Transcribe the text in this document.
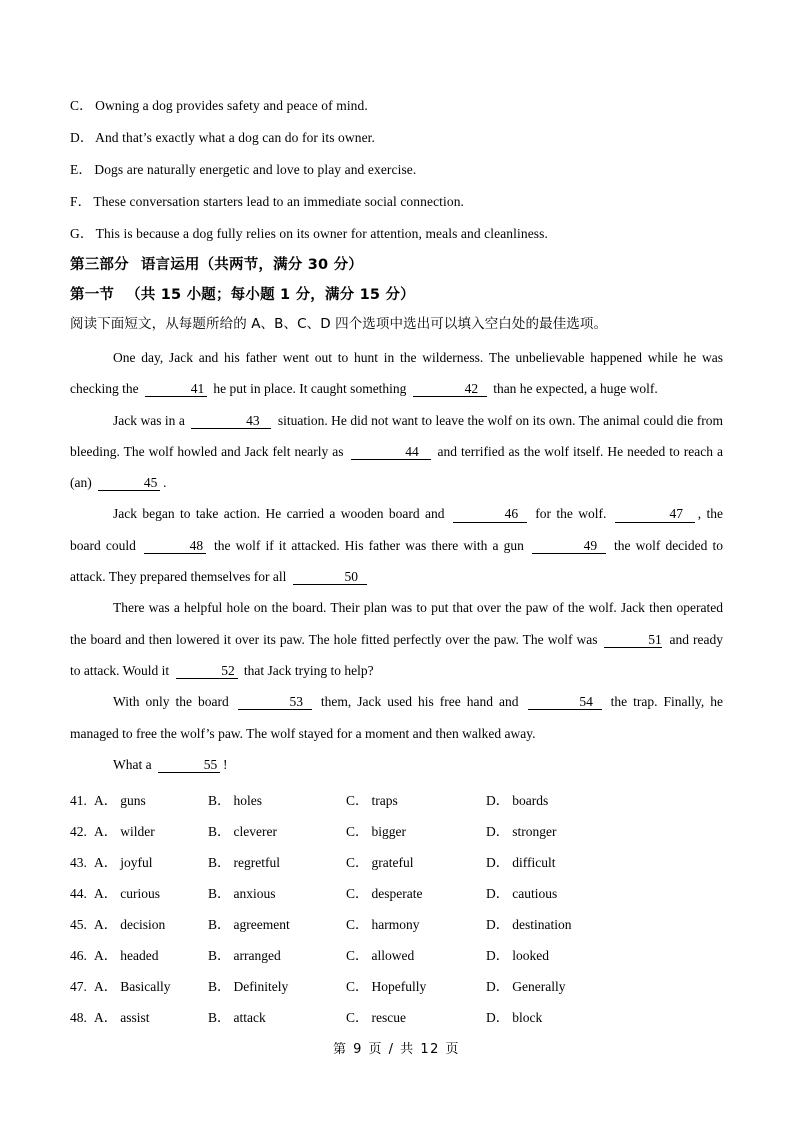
C． Owning a dog provides safety and peace of mind.
D． And that’s exactly what a dog can do for its owner.
E． Dogs are naturally energetic and love to play and exercise.
F． These conversation starters lead to an immediate social connection.
G． This is because a dog fully relies on its owner for attention, meals and cleanliness.
第三部分 语言运用（共两节，满分 30 分）
第一节 （共 15 小题；每小题 1 分，满分 15 分）
阅读下面短文，从每题所给的 A、B、C、D 四个选项中选出可以填入空白处的最佳选项。

One day, Jack and his father went out to hunt in the wilderness. The unbelievable happened while he was checking the	41 he put in place. It caught something	42 than he expected, a huge wolf.

Jack was in a	43 situation. He did not want to leave the wolf on its own. The animal could die from bleeding. The wolf howled and Jack felt nearly as	44 and terrified as the wolf itself. He needed to reach a (an)	45 .

Jack began to take action. He carried a wooden board and	46 for the wolf.	47 , the board could	48 the wolf if it attacked. His father was there with a gun	49 the wolf decided to attack. They prepared themselves for all	50

There was a helpful hole on the board. Their plan was to put that over the paw of the wolf. Jack then operated the board and then lowered it over its paw. The hole fitted perfectly over the paw. The wolf was	51 and ready to attack. Would it	52 that Jack trying to help?

With only the board	53 them, Jack used his free hand and	54 the trap. Finally, he managed to free the wolf’s paw. The wolf stayed for a moment and then walked away.

What a	55 !

41. A． guns	B． holes	C． traps	D． boards
42. A． wilder	B． cleverer	C． bigger	D． stronger
43. A． joyful	B． regretful	C． grateful	D． difficult
44. A． curious	B． anxious	C． desperate	D． cautious
45. A． decision	B． agreement	C． harmony	D． destination
46. A． headed	B． arranged	C． allowed	D． looked
47. A． Basically	B． Definitely	C． Hopefully	D． Generally
48. A． assist	B． attack	C． rescue	D． block
第 9 页 / 共 12 页
